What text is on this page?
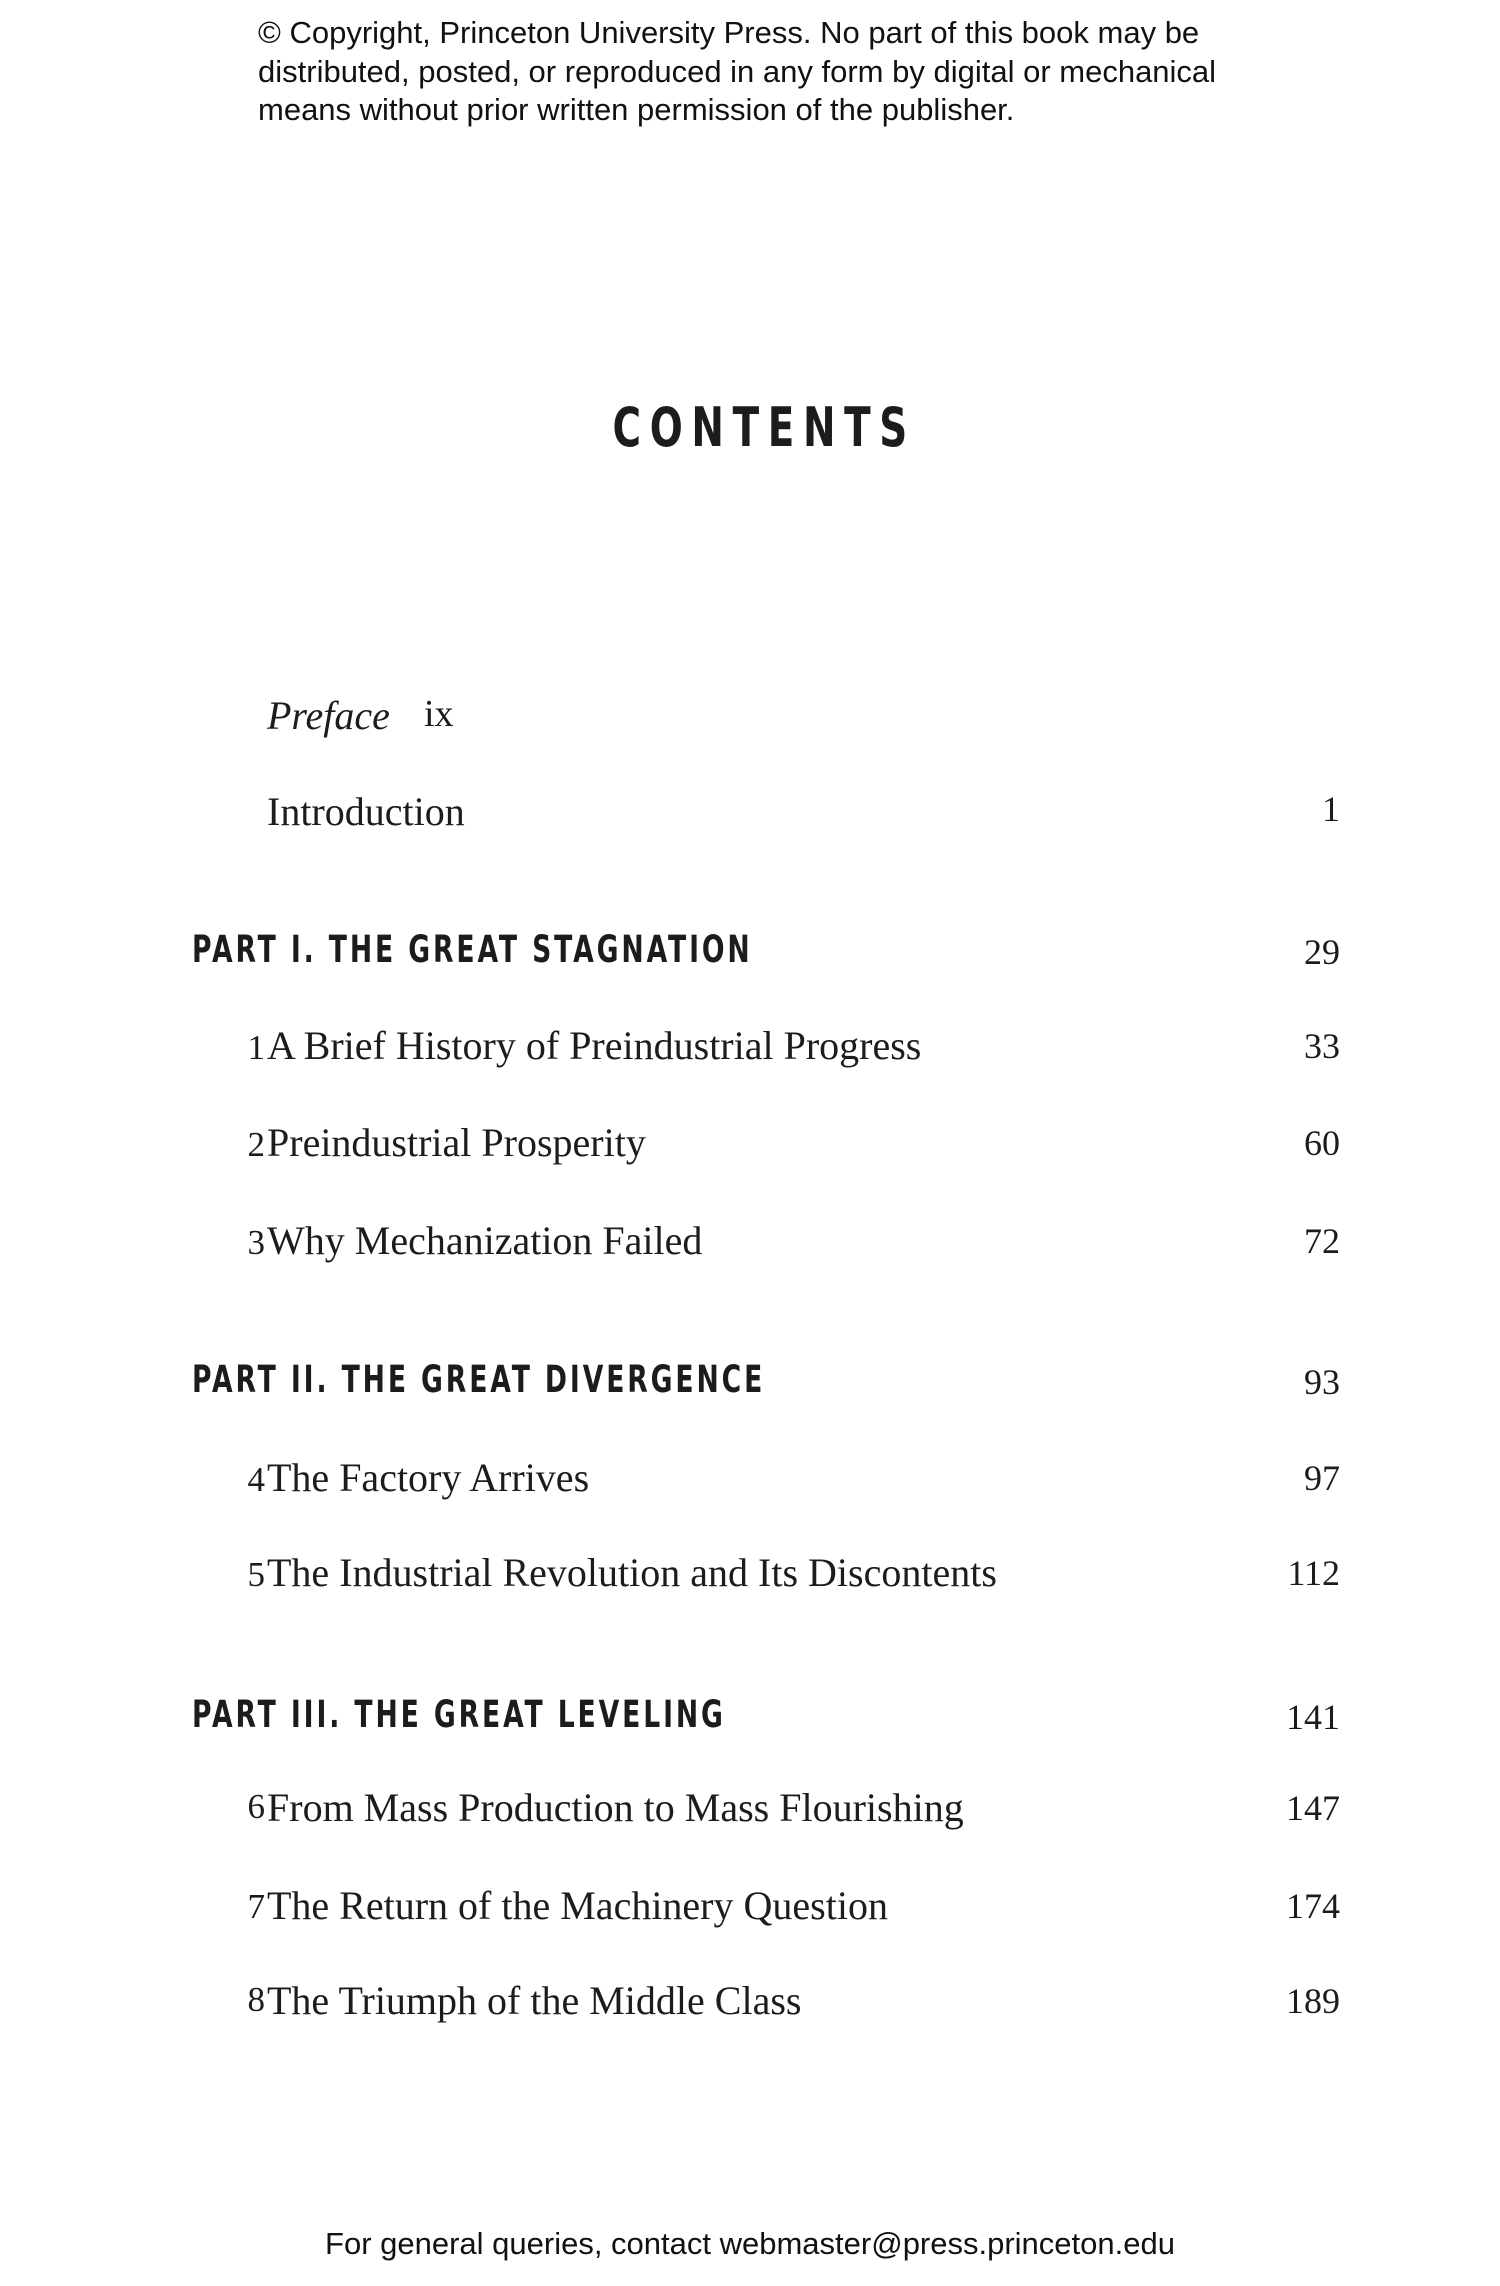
© Copyright, Princeton University Press. No part of this book may be
distributed, posted, or reproduced in any form by digital or mechanical
means without prior written permission of the publisher.
CONTENTS
Preface ix
Introduction	1
PART I. THE GREAT STAGNATION	29
1 A Brief History of Preindustrial Progress	33
2 Preindustrial Prosperity	60
3 Why Mechanization Failed	72
PART II. THE GREAT DIVERGENCE	93
4 The Factory Arrives	97
5 The Industrial Revolution and Its Discontents	112
PART III. THE GREAT LEVELING	141
6 From Mass Production to Mass Flourishing	147
7 The Return of the Machinery Question	174
8 The Triumph of the Middle Class	189
For general queries, contact webmaster@press.princeton.edu
